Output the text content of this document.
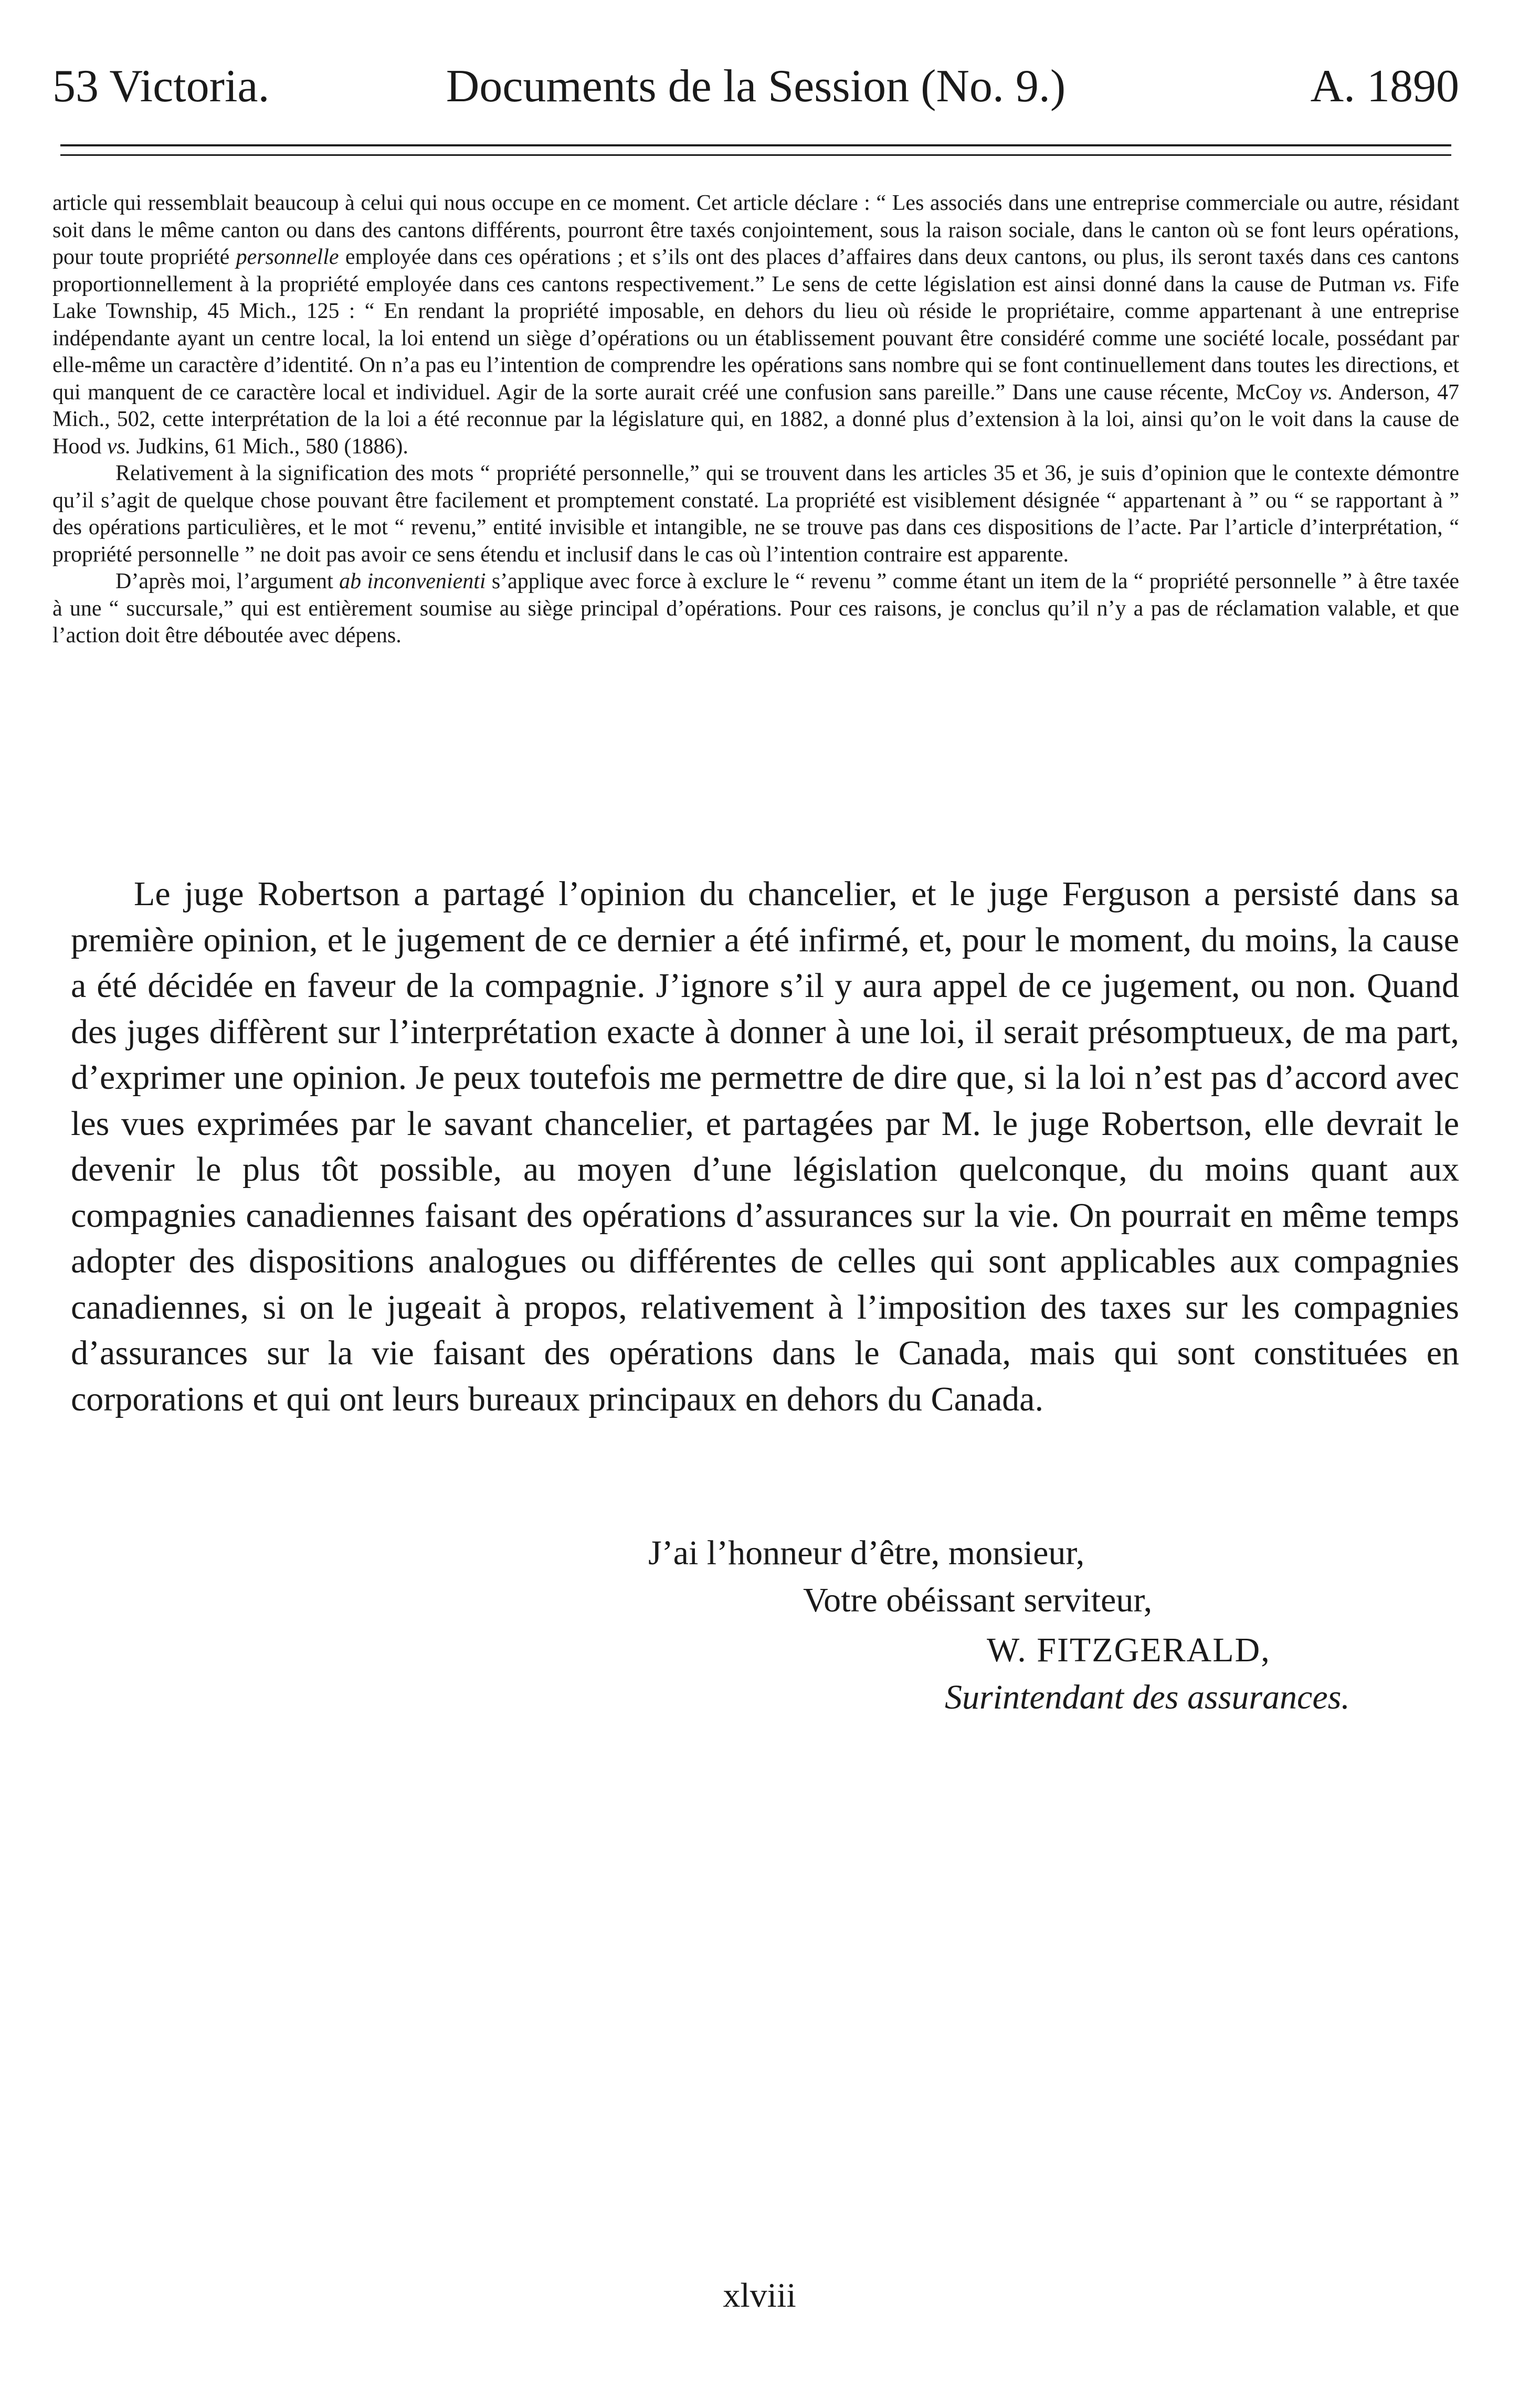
53 Victoria.	Documents de la Session (No. 9.)	A. 1890

article qui ressemblait beaucoup à celui qui nous occupe en ce moment. Cet article déclare : “ Les associés dans une entreprise commerciale ou autre, résidant soit dans le même canton ou dans des cantons différents, pourront être taxés conjointement, sous la raison sociale, dans le canton où se font leurs opérations, pour toute propriété personnelle employée dans ces opérations ; et s’ils ont des places d’affaires dans deux cantons, ou plus, ils seront taxés dans ces cantons proportionnellement à la propriété employée dans ces cantons respectivement.” Le sens de cette législation est ainsi donné dans la cause de Putman vs. Fife Lake Township, 45 Mich., 125 : “ En rendant la propriété imposable, en dehors du lieu où réside le propriétaire, comme appartenant à une entreprise indépendante ayant un centre local, la loi entend un siège d’opérations ou un établissement pouvant être considéré comme une société locale, possédant par elle-même un caractère d’identité. On n’a pas eu l’intention de comprendre les opérations sans nombre qui se font continuellement dans toutes les directions, et qui manquent de ce caractère local et individuel. Agir de la sorte aurait créé une confusion sans pareille.” Dans une cause récente, McCoy vs. Anderson, 47 Mich., 502, cette interprétation de la loi a été reconnue par la législature qui, en 1882, a donné plus d’extension à la loi, ainsi qu’on le voit dans la cause de Hood vs. Judkins, 61 Mich., 580 (1886).

Relativement à la signification des mots “ propriété personnelle,” qui se trouvent dans les articles 35 et 36, je suis d’opinion que le contexte démontre qu’il s’agit de quelque chose pouvant être facilement et promptement constaté. La propriété est visiblement désignée “ appartenant à ” ou “ se rapportant à ” des opérations particulières, et le mot “ revenu,” entité invisible et intangible, ne se trouve pas dans ces dispositions de l’acte. Par l’article d’interprétation, “ propriété personnelle ” ne doit pas avoir ce sens étendu et inclusif dans le cas où l’intention contraire est apparente.

D’après moi, l’argument ab inconvenienti s’applique avec force à exclure le “ revenu ” comme étant un item de la “ propriété personnelle ” à être taxée à une “ succursale,” qui est entièrement soumise au siège principal d’opérations. Pour ces raisons, je conclus qu’il n’y a pas de réclamation valable, et que l’action doit être déboutée avec dépens.

Le juge Robertson a partagé l’opinion du chancelier, et le juge Ferguson a persisté dans sa première opinion, et le jugement de ce dernier a été infirmé, et, pour le moment, du moins, la cause a été décidée en faveur de la compagnie. J’ignore s’il y aura appel de ce jugement, ou non. Quand des juges diffèrent sur l’interprétation exacte à donner à une loi, il serait présomptueux, de ma part, d’exprimer une opinion. Je peux toutefois me permettre de dire que, si la loi n’est pas d’accord avec les vues exprimées par le savant chancelier, et partagées par M. le juge Robertson, elle devrait le devenir le plus tôt possible, au moyen d’une législation quelconque, du moins quant aux compagnies canadiennes faisant des opérations d’assurances sur la vie. On pourrait en même temps adopter des dispositions analogues ou différentes de celles qui sont applicables aux compagnies canadiennes, si on le jugeait à propos, relativement à l’imposition des taxes sur les compagnies d’assurances sur la vie faisant des opérations dans le Canada, mais qui sont constituées en corporations et qui ont leurs bureaux principaux en dehors du Canada.

J’ai l’honneur d’être, monsieur,
Votre obéissant serviteur,
W. FITZGERALD,
Surintendant des assurances.
xlviii
